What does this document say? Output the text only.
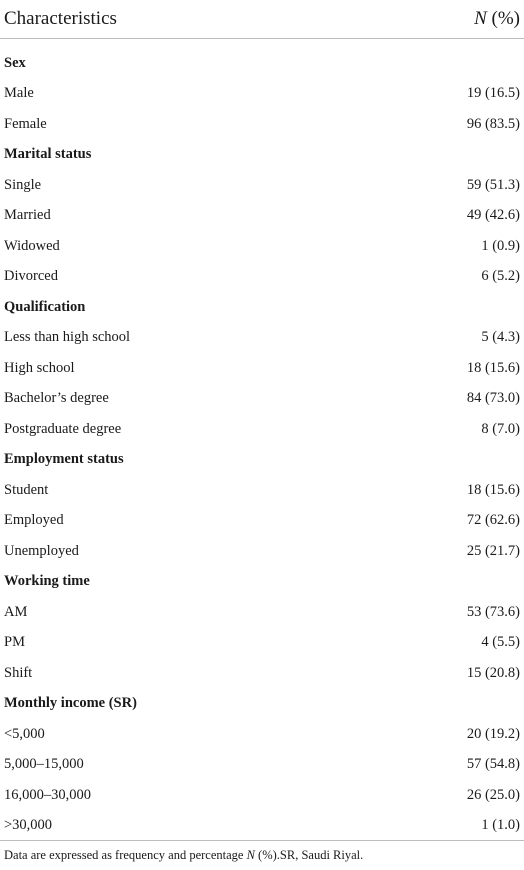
Characteristics	N (%)
Sex
Male	19 (16.5)
Female	96 (83.5)
Marital status
Single	59 (51.3)
Married	49 (42.6)
Widowed	1 (0.9)
Divorced	6 (5.2)
Qualification
Less than high school	5 (4.3)
High school	18 (15.6)
Bachelor’s degree	84 (73.0)
Postgraduate degree	8 (7.0)
Employment status
Student	18 (15.6)
Employed	72 (62.6)
Unemployed	25 (21.7)
Working time
AM	53 (73.6)
PM	4 (5.5)
Shift	15 (20.8)
Monthly income (SR)
<5,000	20 (19.2)
5,000–15,000	57 (54.8)
16,000–30,000	26 (25.0)
>30,000	1 (1.0)
Data are expressed as frequency and percentage N (%).SR, Saudi Riyal.
